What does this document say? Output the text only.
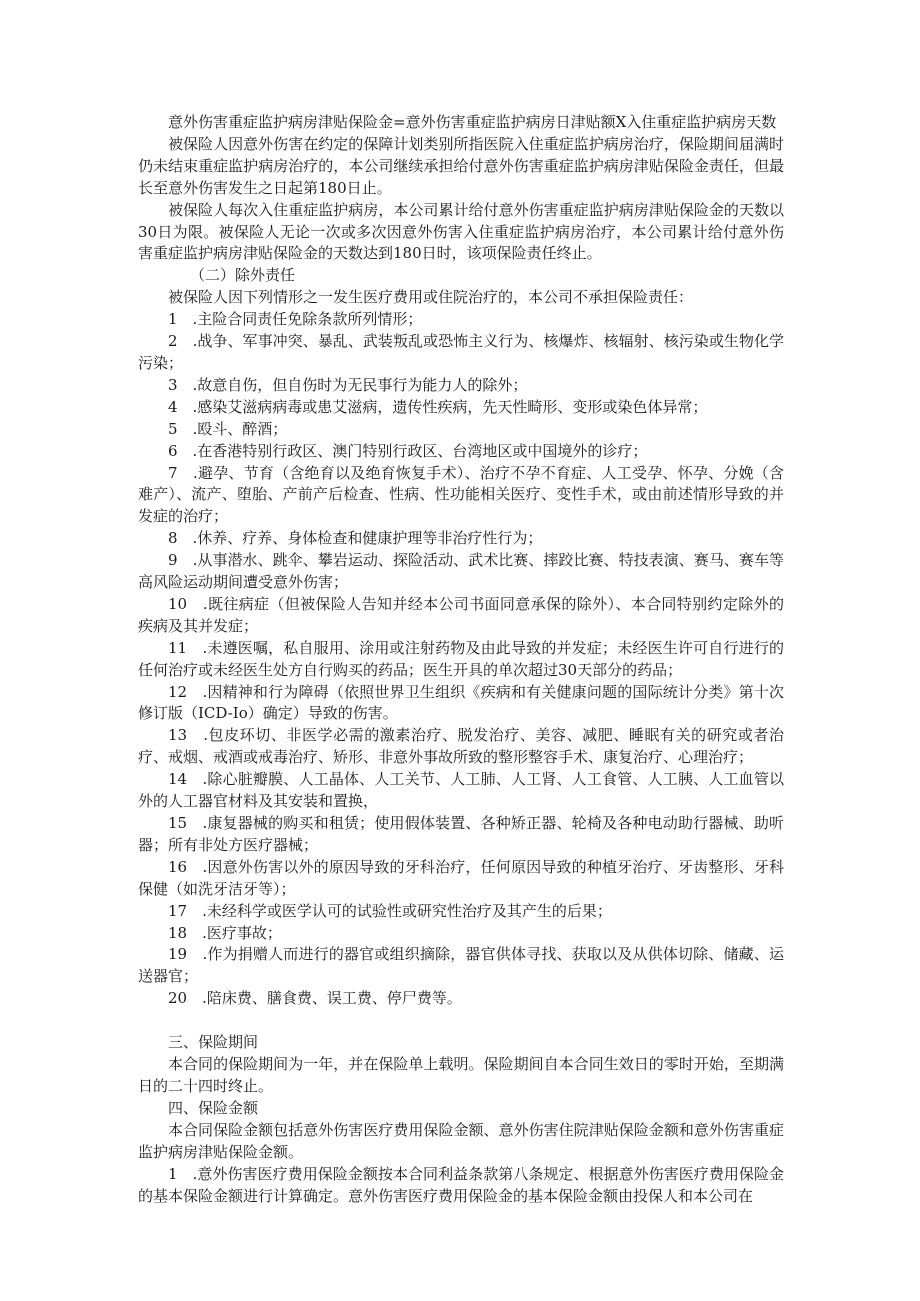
意外伤害重症监护病房津贴保险金=意外伤害重症监护病房日津贴额X入住重症监护病房天数

被保险人因意外伤害在约定的保障计划类别所指医院入住重症监护病房治疗，保险期间届满时仍未结束重症监护病房治疗的，本公司继续承担给付意外伤害重症监护病房津贴保险金责任，但最长至意外伤害发生之日起第180日止。

被保险人每次入住重症监护病房，本公司累计给付意外伤害重症监护病房津贴保险金的天数以30日为限。被保险人无论一次或多次因意外伤害入住重症监护病房治疗，本公司累计给付意外伤害重症监护病房津贴保险金的天数达到180日时，该项保险责任终止。

（二）除外责任

被保险人因下列情形之一发生医疗费用或住院治疗的，本公司不承担保险责任：

1　.主险合同责任免除条款所列情形；

2　.战争、军事冲突、暴乱、武装叛乱或恐怖主义行为、核爆炸、核辐射、核污染或生物化学污染；

3　.故意自伤，但自伤时为无民事行为能力人的除外；

4　.感染艾滋病病毒或患艾滋病，遗传性疾病，先天性畸形、变形或染色体异常；

5　.殴斗、醉酒；

6　.在香港特别行政区、澳门特别行政区、台湾地区或中国境外的诊疗；

7　.避孕、节育（含绝育以及绝育恢复手术）、治疗不孕不育症、人工受孕、怀孕、分娩（含难产）、流产、堕胎、产前产后检查、性病、性功能相关医疗、变性手术，或由前述情形导致的并发症的治疗；

8　.休养、疗养、身体检查和健康护理等非治疗性行为；

9　.从事潜水、跳伞、攀岩运动、探险活动、武术比赛、摔跤比赛、特技表演、赛马、赛车等高风险运动期间遭受意外伤害；

10　.既往病症（但被保险人告知并经本公司书面同意承保的除外）、本合同特别约定除外的疾病及其并发症；

11　.未遵医嘱，私自服用、涂用或注射药物及由此导致的并发症；未经医生许可自行进行的任何治疗或未经医生处方自行购买的药品；医生开具的单次超过30天部分的药品；

12　.因精神和行为障碍（依照世界卫生组织《疾病和有关健康问题的国际统计分类》第十次修订版（ICD-Io）确定）导致的伤害。

13　.包皮环切、非医学必需的激素治疗、脱发治疗、美容、减肥、睡眠有关的研究或者治疗、戒烟、戒酒或戒毒治疗、矫形、非意外事故所致的整形整容手术、康复治疗、心理治疗；

14　.除心脏瓣膜、人工晶体、人工关节、人工肺、人工肾、人工食管、人工胰、人工血管以外的人工器官材料及其安装和置换，

15　.康复器械的购买和租赁；使用假体装置、各种矫正器、轮椅及各种电动助行器械、助听器；所有非处方医疗器械；

16　.因意外伤害以外的原因导致的牙科治疗，任何原因导致的种植牙治疗、牙齿整形、牙科保健（如洗牙洁牙等）；

17　.未经科学或医学认可的试验性或研究性治疗及其产生的后果；

18　.医疗事故；

19　.作为捐赠人而进行的器官或组织摘除，器官供体寻找、获取以及从供体切除、储藏、运送器官；

20　.陪床费、膳食费、误工费、停尸费等。

三、保险期间

本合同的保险期间为一年，并在保险单上载明。保险期间自本合同生效日的零时开始，至期满日的二十四时终止。

四、保险金额

本合同保险金额包括意外伤害医疗费用保险金额、意外伤害住院津贴保险金额和意外伤害重症监护病房津贴保险金额。

1　.意外伤害医疗费用保险金额按本合同利益条款第八条规定、根据意外伤害医疗费用保险金的基本保险金额进行计算确定。意外伤害医疗费用保险金的基本保险金额由投保人和本公司在
